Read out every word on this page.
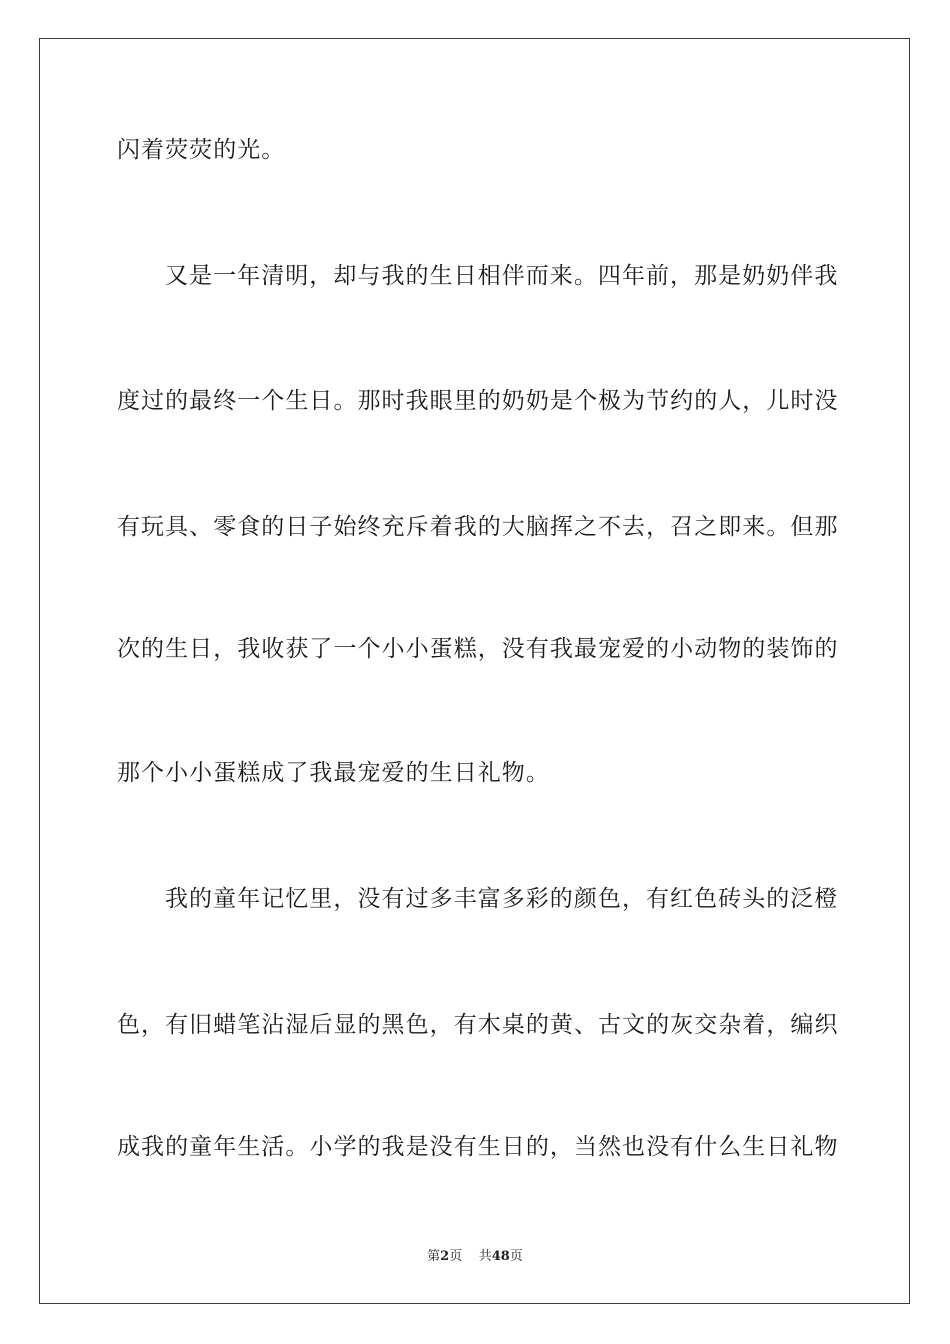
闪着荧荧的光。
又是一年清明，却与我的生日相伴而来。四年前，那是奶奶伴我
度过的最终一个生日。那时我眼里的奶奶是个极为节约的人，儿时没
有玩具、零食的日子始终充斥着我的大脑挥之不去，召之即来。但那
次的生日，我收获了一个小小蛋糕，没有我最宠爱的小动物的装饰的
那个小小蛋糕成了我最宠爱的生日礼物。
我的童年记忆里，没有过多丰富多彩的颜色，有红色砖头的泛橙
色，有旧蜡笔沾湿后显的黑色，有木桌的黄、古文的灰交杂着，编织
成我的童年生活。小学的我是没有生日的，当然也没有什么生日礼物
第2页 共48页
